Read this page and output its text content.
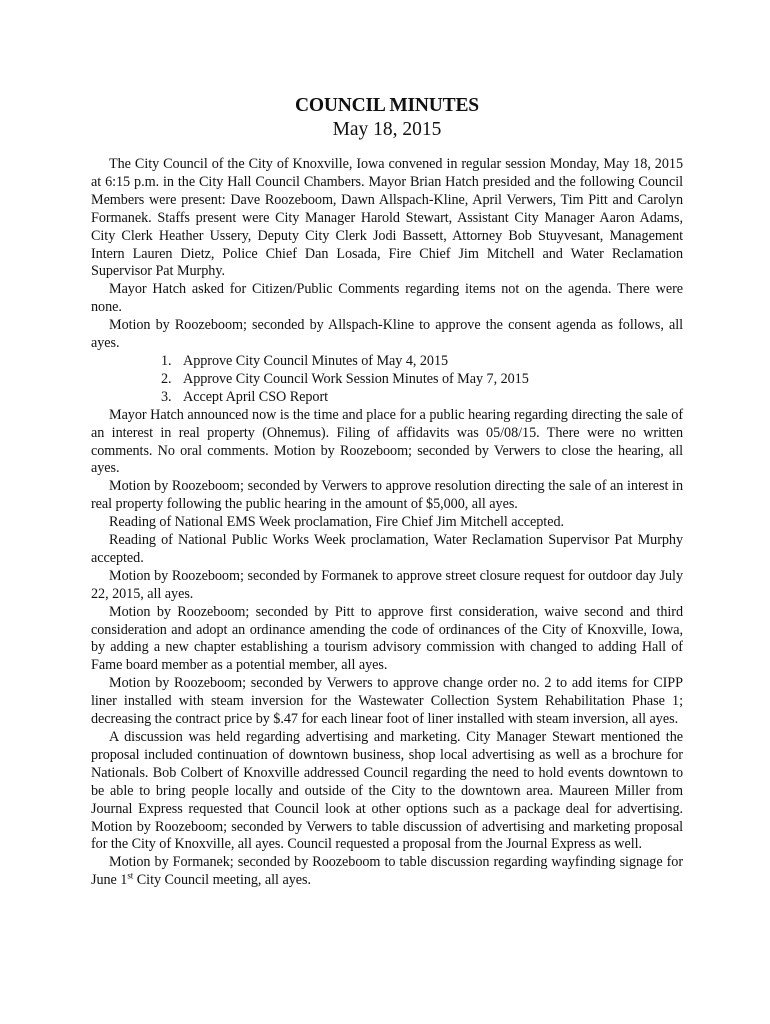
COUNCIL MINUTES
May 18, 2015

The City Council of the City of Knoxville, Iowa convened in regular session Monday, May 18, 2015 at 6:15 p.m. in the City Hall Council Chambers. Mayor Brian Hatch presided and the following Council Members were present: Dave Roozeboom, Dawn Allspach-Kline, April Verwers, Tim Pitt and Carolyn Formanek. Staffs present were City Manager Harold Stewart, Assistant City Manager Aaron Adams, City Clerk Heather Ussery, Deputy City Clerk Jodi Bassett, Attorney Bob Stuyvesant, Management Intern Lauren Dietz, Police Chief Dan Losada, Fire Chief Jim Mitchell and Water Reclamation Supervisor Pat Murphy.

Mayor Hatch asked for Citizen/Public Comments regarding items not on the agenda. There were none.

Motion by Roozeboom; seconded by Allspach-Kline to approve the consent agenda as follows, all ayes.

1. Approve City Council Minutes of May 4, 2015
2. Approve City Council Work Session Minutes of May 7, 2015
3. Accept April CSO Report

Mayor Hatch announced now is the time and place for a public hearing regarding directing the sale of an interest in real property (Ohnemus). Filing of affidavits was 05/08/15. There were no written comments. No oral comments. Motion by Roozeboom; seconded by Verwers to close the hearing, all ayes.

Motion by Roozeboom; seconded by Verwers to approve resolution directing the sale of an interest in real property following the public hearing in the amount of $5,000, all ayes.

Reading of National EMS Week proclamation, Fire Chief Jim Mitchell accepted.

Reading of National Public Works Week proclamation, Water Reclamation Supervisor Pat Murphy accepted.

Motion by Roozeboom; seconded by Formanek to approve street closure request for outdoor day July 22, 2015, all ayes.

Motion by Roozeboom; seconded by Pitt to approve first consideration, waive second and third consideration and adopt an ordinance amending the code of ordinances of the City of Knoxville, Iowa, by adding a new chapter establishing a tourism advisory commission with changed to adding Hall of Fame board member as a potential member, all ayes.

Motion by Roozeboom; seconded by Verwers to approve change order no. 2 to add items for CIPP liner installed with steam inversion for the Wastewater Collection System Rehabilitation Phase 1; decreasing the contract price by $.47 for each linear foot of liner installed with steam inversion, all ayes.

A discussion was held regarding advertising and marketing. City Manager Stewart mentioned the proposal included continuation of downtown business, shop local advertising as well as a brochure for Nationals. Bob Colbert of Knoxville addressed Council regarding the need to hold events downtown to be able to bring people locally and outside of the City to the downtown area. Maureen Miller from Journal Express requested that Council look at other options such as a package deal for advertising. Motion by Roozeboom; seconded by Verwers to table discussion of advertising and marketing proposal for the City of Knoxville, all ayes. Council requested a proposal from the Journal Express as well.

Motion by Formanek; seconded by Roozeboom to table discussion regarding wayfinding signage for June 1st City Council meeting, all ayes.
